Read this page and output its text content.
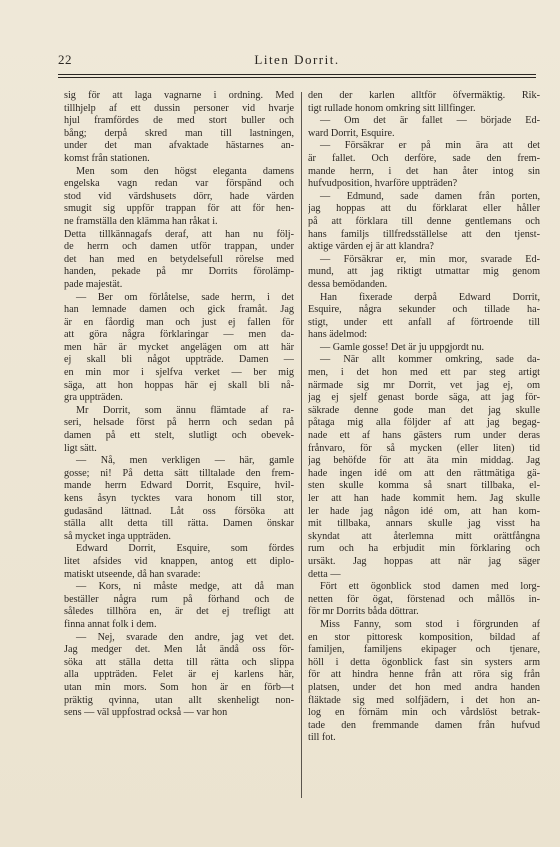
22	Liten Dorrit.
sig för att laga vagnarne i ordning. Med
tillhjelp af ett dussin personer vid hvarje
hjul framfördes de med stort buller och
bång; derpå skred man till lastningen,
under det man afvaktade hästarnes an-
komst från stationen.
Men som den högst eleganta damens
engelska vagn redan var förspänd och
stod vid värdshusets dörr, hade värden
smugit sig uppför trappan för att för hen-
ne framställa den klämma han råkat i.
Detta tillkännagafs deraf, att han nu följ-
de herrn och damen utför trappan, under
det han med en betydelsefull rörelse med
handen, pekade på mr Dorrits förolämp-
pade majestät.
— Ber om förlåtelse, sade herrn, i det
han lemnade damen och gick framåt. Jag
är en fåordig man och just ej fallen för
att göra några förklaringar — men da-
men här är mycket angelägen om att här
ej skall bli något uppträde. Damen —
en min mor i sjelfva verket — ber mig
säga, att hon hoppas här ej skall bli nå-
gra uppträden.
Mr Dorrit, som ännu flämtade af ra-
seri, helsade först på herrn och sedan på
damen på ett stelt, slutligt och obevek-
ligt sätt.
— Nå, men verkligen — här, gamle
gosse; ni! På detta sätt tilltalade den frem-
mande herrn Edward Dorrit, Esquire, hvil-
kens åsyn tycktes vara honom till stor,
gudasänd lättnad. Låt oss försöka att
ställa allt detta till rätta. Damen önskar
så mycket inga uppträden.
Edward Dorrit, Esquire, som fördes
litet afsides vid knappen, antog ett diplo-
matiskt utseende, då han svarade:
— Kors, ni måste medge, att då man
beställer några rum på förhand och de
således tillhöra en, är det ej trefligt att
finna annat folk i dem.
— Nej, svarade den andre, jag vet det.
Jag medger det. Men låt ändå oss för-
söka att ställa detta till rätta och slippa
alla uppträden. Felet är ej karlens här,
utan min mors. Som hon är en förb—t
präktig qvinna, utan allt skenheligt non-
sens — väl uppfostrad också — var hon
den der karlen alltför öfvermäktig. Rik-
tigt rullade honom omkring sitt lillfinger.
— Om det är fallet — började Ed-
ward Dorrit, Esquire.
— Försäkrar er på min ära att det
är fallet. Och derföre, sade den frem-
mande herrn, i det han åter intog sin
hufvudposition, hvarföre uppträden?
— Edmund, sade damen från porten,
jag hoppas att du förklarat eller håller
på att förklara till denne gentlemans och
hans familjs tillfredsställelse att den tjenst-
aktige värden ej är att klandra?
— Försäkrar er, min mor, svarade Ed-
mund, att jag riktigt utmattar mig genom
dessa bemödanden.
Han fixerade derpå Edward Dorrit,
Esquire, några sekunder och tillade ha-
stigt, under ett anfall af förtroende till
hans ädelmod:
— Gamle gosse! Det är ju uppgjordt nu.
— När allt kommer omkring, sade da-
men, i det hon med ett par steg artigt
närmade sig mr Dorrit, vet jag ej, om
jag ej sjelf genast borde säga, att jag för-
säkrade denne gode man det jag skulle
påtaga mig alla följder af att jag begag-
nade ett af hans gästers rum under deras
frånvaro, för så mycken (eller liten) tid
jag behöfde för att äta min middag. Jag
hade ingen idé om att den rättmätiga gä-
sten skulle komma så snart tillbaka, el-
ler att han hade kommit hem. Jag skulle
ler hade jag någon idé om, att han kom-
mit tillbaka, annars skulle jag visst ha
skyndat att återlemna mitt orättfångna
rum och ha erbjudit min förklaring och
ursäkt. Jag hoppas att när jag säger
detta —
Fört ett ögonblick stod damen med lorg-
netten för ögat, förstenad och mållös in-
för mr Dorrits båda döttrar.
Miss Fanny, som stod i förgrunden af
en stor pittoresk komposition, bildad af
familjen, familjens ekipager och tjenare,
höll i detta ögonblick fast sin systers arm
för att hindra henne från att röra sig från
platsen, under det hon med andra handen
fläktade sig med solfjädern, i det hon an-
log en förnäm min och vårdslöst betrak-
tade den fremmande damen från hufvud
till fot.
